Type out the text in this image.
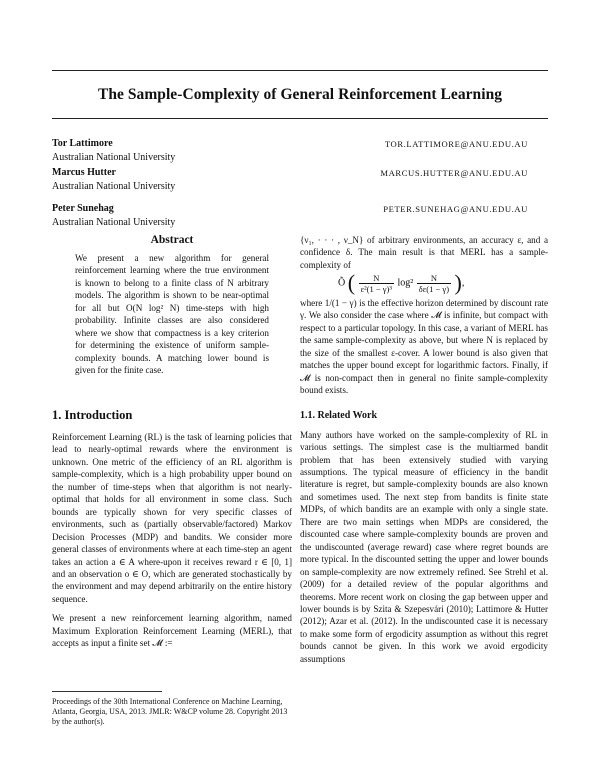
The Sample-Complexity of General Reinforcement Learning
Tor Lattimore	TOR.LATTIMORE@ANU.EDU.AU
Australian National University
Marcus Hutter	MARCUS.HUTTER@ANU.EDU.AU
Australian National University
Peter Sunehag	PETER.SUNEHAG@ANU.EDU.AU
Australian National University
Abstract
We present a new algorithm for general reinforcement learning where the true environment is known to belong to a finite class of N arbitrary models. The algorithm is shown to be near-optimal for all but O(N log² N) time-steps with high probability. Infinite classes are also considered where we show that compactness is a key criterion for determining the existence of uniform sample-complexity bounds. A matching lower bound is given for the finite case.
1. Introduction
Reinforcement Learning (RL) is the task of learning policies that lead to nearly-optimal rewards where the environment is unknown. One metric of the efficiency of an RL algorithm is sample-complexity, which is a high probability upper bound on the number of time-steps when that algorithm is not nearly-optimal that holds for all environment in some class. Such bounds are typically shown for very specific classes of environments, such as (partially observable/factored) Markov Decision Processes (MDP) and bandits. We consider more general classes of environments where at each time-step an agent takes an action a ∈ A where-upon it receives reward r ∈ [0, 1] and an observation o ∈ O, which are generated stochastically by the environment and may depend arbitrarily on the entire history sequence.
We present a new reinforcement learning algorithm, named Maximum Exploration Reinforcement Learning (MERL), that accepts as input a finite set 𝓜 :=
Proceedings of the 30th International Conference on Machine Learning, Atlanta, Georgia, USA, 2013. JMLR: W&CP volume 28. Copyright 2013 by the author(s).
{ν₁, · · · , ν_N} of arbitrary environments, an accuracy ε, and a confidence δ. The main result is that MERL has a sample-complexity of
Õ ( $\frac{N}{\text{ε²(1 − γ)³}} \log^2 \frac{N}{\delta\varepsilon(1 - \gamma)}$ ),
where 1/(1 − γ) is the effective horizon determined by discount rate γ. We also consider the case where 𝓜 is infinite, but compact with respect to a particular topology. In this case, a variant of MERL has the same sample-complexity as above, but where N is replaced by the size of the smallest ε-cover. A lower bound is also given that matches the upper bound except for logarithmic factors. Finally, if 𝓜 is non-compact then in general no finite sample-complexity bound exists.
1.1. Related Work
Many authors have worked on the sample-complexity of RL in various settings. The simplest case is the multiarmed bandit problem that has been extensively studied with varying assumptions. The typical measure of efficiency in the bandit literature is regret, but sample-complexity bounds are also known and sometimes used. The next step from bandits is finite state MDPs, of which bandits are an example with only a single state. There are two main settings when MDPs are considered, the discounted case where sample-complexity bounds are proven and the undiscounted (average reward) case where regret bounds are more typical. In the discounted setting the upper and lower bounds on sample-complexity are now extremely refined. See Strehl et al. (2009) for a detailed review of the popular algorithms and theorems. More recent work on closing the gap between upper and lower bounds is by Szita & Szepesvári (2010); Lattimore & Hutter (2012); Azar et al. (2012). In the undiscounted case it is necessary to make some form of ergodicity assumption as without this regret bounds cannot be given. In this work we avoid ergodicity assumptions
